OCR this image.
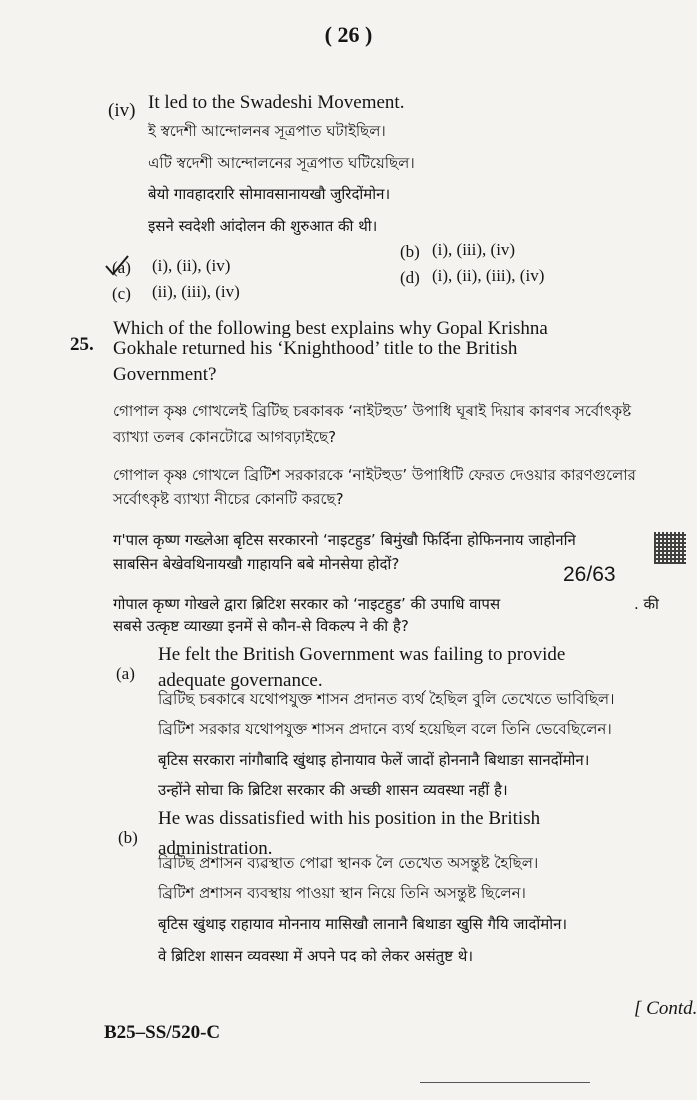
( 26 )
(iv) It led to the Swadeshi Movement.
ই স্বদেশী আন্দোলনৰ সূত্ৰপাত ঘটাইছিল।
এটি স্বদেশী আন্দোলনের সূত্রপাত ঘটিয়েছিল।
बेयो गावहादरारि सोमावसानायखौ जुरिदोंमोन।
इसने स्वदेशी आंदोलन की शुरुआत की थी।
(a) (i), (ii), (iv)
(b) (i), (iii), (iv)
(c) (ii), (iii), (iv)
(d) (i), (ii), (iii), (iv)
25.
Which of the following best explains why Gopal Krishna
Gokhale returned his ‘Knighthood’ title to the British
Government?
গোপাল কৃষ্ণ গোখলেই ব্ৰিটিছ চৰকাৰক ‘নাইটহুড’ উপাধি ঘূৰাই দিয়াৰ কাৰণৰ সৰ্বোৎকৃষ্ট
ব্যাখ্যা তলৰ কোনটোৱে আগবঢ়াইছে?
গোপাল কৃষ্ণ গোখলে ব্রিটিশ সরকারকে ‘নাইটহুড’ উপাধিটি ফেরত দেওয়ার কারণগুলোর
সর্বোৎকৃষ্ট ব্যাখ্যা নীচের কোনটি করছে?
ग'पाल कृष्ण गख्लेआ बृटिस सरकारनो ‘नाइटहुड’ बिमुंखौ फिर्दिना होफिननाय जाहोननि
साबसिन बेखेवथिनायखौ गाहायनि बबे मोनसेया होदों?	26/63
गोपाल कृष्ण गोखले द्वारा ब्रिटिश सरकार को ‘नाइटहुड’ की उपाधि वापस	. की
सबसे उत्कृष्ट व्याख्या इनमें से कौन-से विकल्प ने की है?
(a)
He felt the British Government was failing to provide
adequate governance.
ব্ৰিটিছ চৰকাৰে যথোপযুক্ত শাসন প্ৰদানত ব্যৰ্থ হৈছিল বুলি তেখেতে ভাবিছিল।
ব্রিটিশ সরকার যথোপযুক্ত শাসন প্রদানে ব্যর্থ হয়েছিল বলে তিনি ভেবেছিলেন।
बृटिस सरकारा नांगौबादि खुंथाइ होनायाव फेलें जादों होननानै बिथाङा सानदोंमोन।
उन्होंने सोचा कि ब्रिटिश सरकार की अच्छी शासन व्यवस्था नहीं है।
(b)
He was dissatisfied with his position in the British
administration.
ব্ৰিটিছ প্ৰশাসন ব্যৱস্থাত পোৱা স্থানক লৈ তেখেত অসন্তুষ্ট হৈছিল।
ব্রিটিশ প্রশাসন ব্যবস্থায় পাওয়া স্থান নিয়ে তিনি অসন্তুষ্ট ছিলেন।
बृटिस खुंथाइ राहायाव मोननाय मासिखौ लानानै बिथाङा खुसि गैयि जादोंमोन।
वे ब्रिटिश शासन व्यवस्था में अपने पद को लेकर असंतुष्ट थे।
[ Contd.
B25–SS/520-C
